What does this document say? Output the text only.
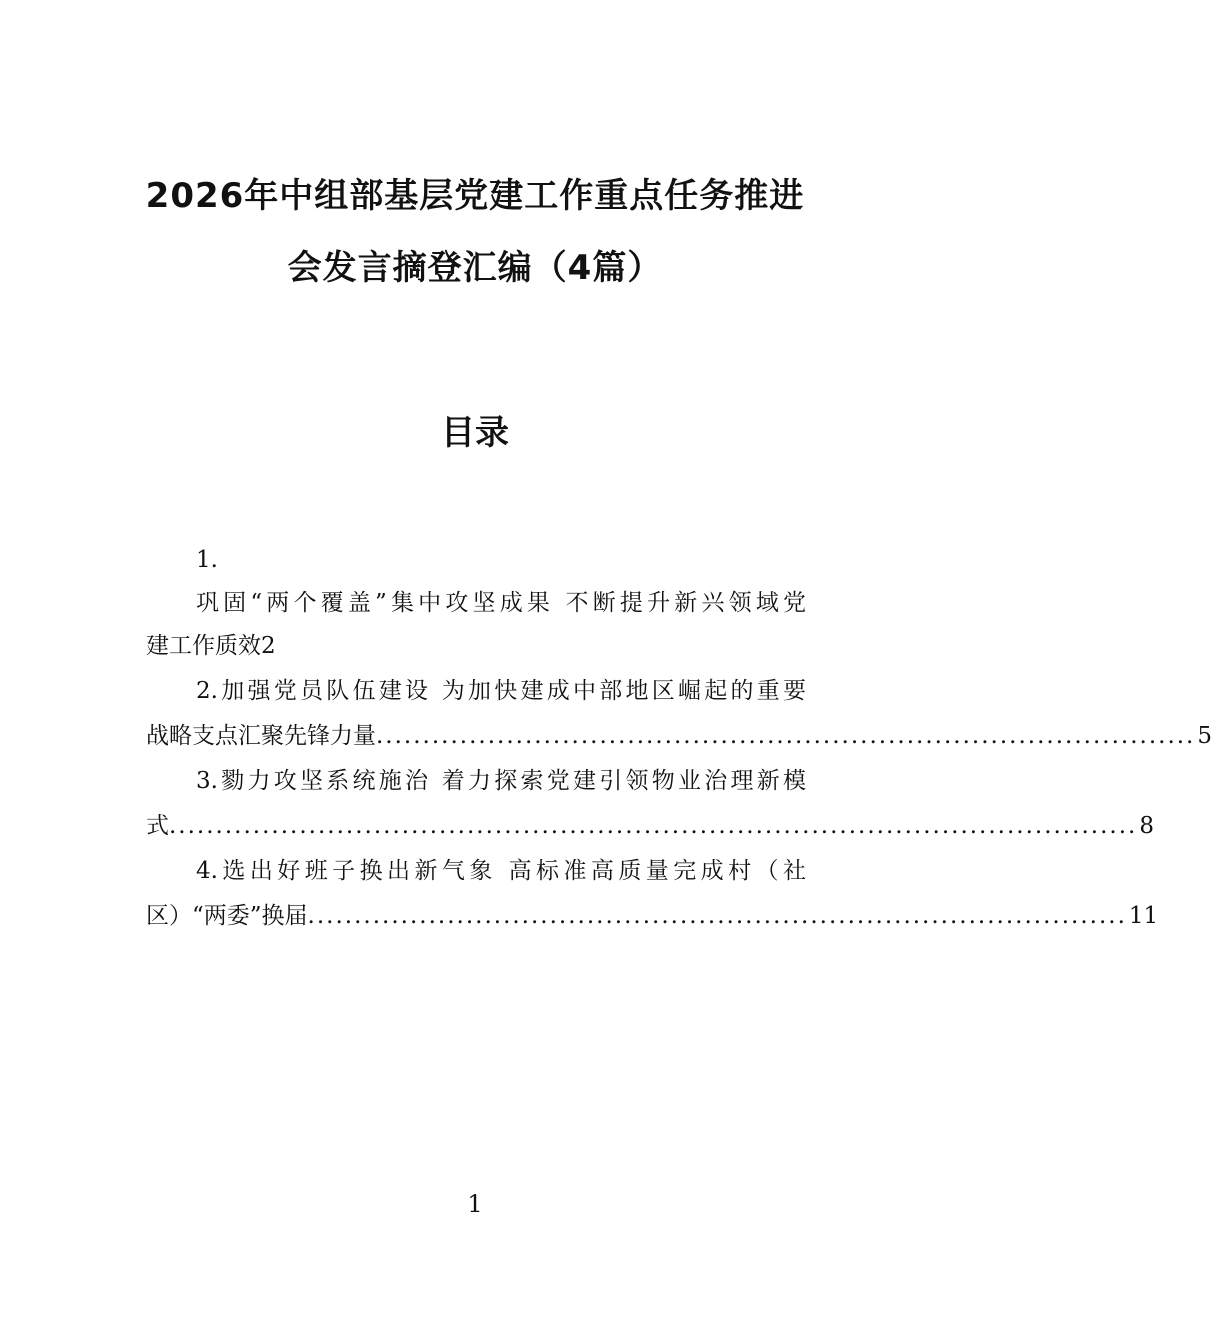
2026年中组部基层党建工作重点任务推进
会发言摘登汇编（4篇）
目录
1.
巩固“两个覆盖”集中攻坚成果 不断提升新兴领域党
建工作质效2
2.加强党员队伍建设 为加快建成中部地区崛起的重要
战略支点汇聚先锋力量 ........................................................................................ 5
3.勠力攻坚系统施治 着力探索党建引领物业治理新模
式 ........................................................................................................ 8
4.选出好班子换出新气象 高标准高质量完成村（社
区）“两委”换届 ........................................................................................ 11
1
